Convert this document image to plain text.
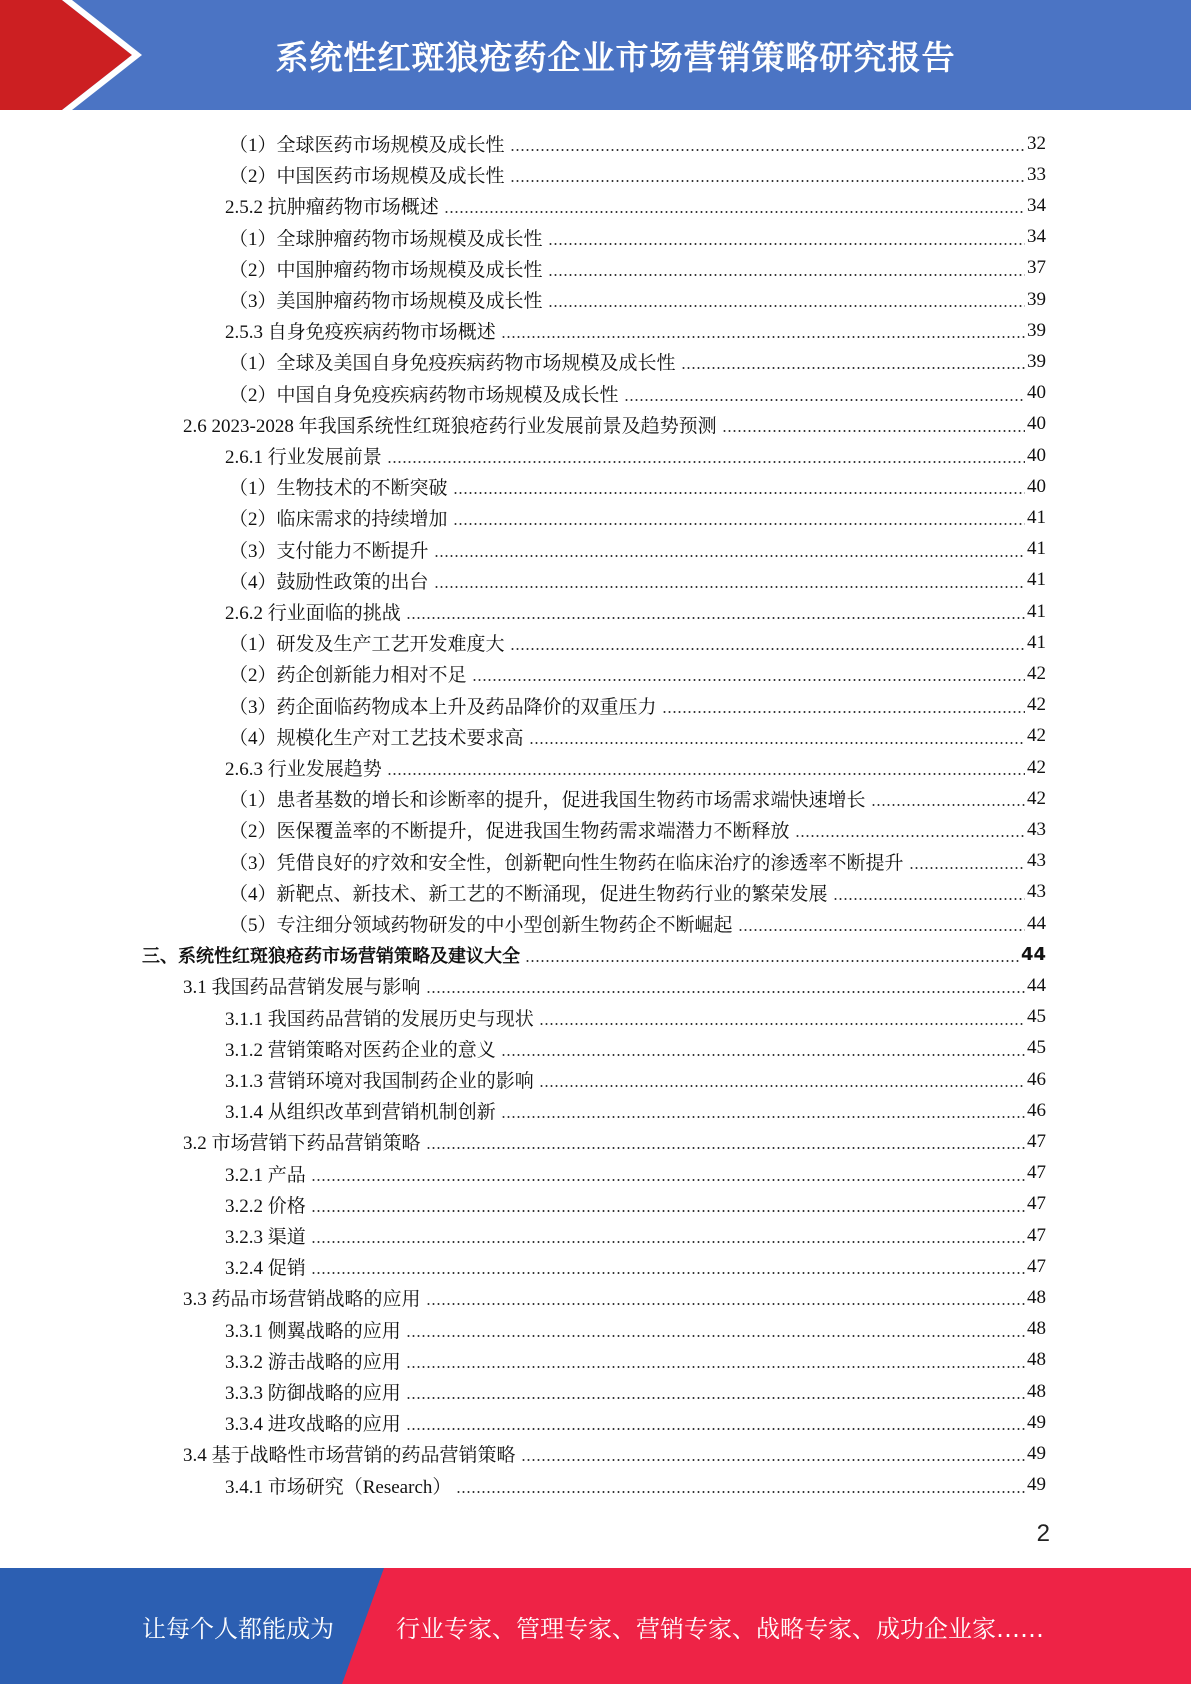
系统性红斑狼疮药企业市场营销策略研究报告
（1）全球医药市场规模及成长性	32
（2）中国医药市场规模及成长性	33
2.5.2 抗肿瘤药物市场概述	34
（1）全球肿瘤药物市场规模及成长性	34
（2）中国肿瘤药物市场规模及成长性	37
（3）美国肿瘤药物市场规模及成长性	39
2.5.3 自身免疫疾病药物市场概述	39
（1）全球及美国自身免疫疾病药物市场规模及成长性	39
（2）中国自身免疫疾病药物市场规模及成长性	40
2.6 2023-2028 年我国系统性红斑狼疮药行业发展前景及趋势预测	40
2.6.1 行业发展前景	40
（1）生物技术的不断突破	40
（2）临床需求的持续增加	41
（3）支付能力不断提升	41
（4）鼓励性政策的出台	41
2.6.2 行业面临的挑战	41
（1）研发及生产工艺开发难度大	41
（2）药企创新能力相对不足	42
（3）药企面临药物成本上升及药品降价的双重压力	42
（4）规模化生产对工艺技术要求高	42
2.6.3 行业发展趋势	42
（1）患者基数的增长和诊断率的提升，促进我国生物药市场需求端快速增长	42
（2）医保覆盖率的不断提升，促进我国生物药需求端潜力不断释放	43
（3）凭借良好的疗效和安全性，创新靶向性生物药在临床治疗的渗透率不断提升	43
（4）新靶点、新技术、新工艺的不断涌现，促进生物药行业的繁荣发展	43
（5）专注细分领域药物研发的中小型创新生物药企不断崛起	44
三、系统性红斑狼疮药市场营销策略及建议大全	44
3.1 我国药品营销发展与影响	44
3.1.1 我国药品营销的发展历史与现状	45
3.1.2 营销策略对医药企业的意义	45
3.1.3 营销环境对我国制药企业的影响	46
3.1.4 从组织改革到营销机制创新	46
3.2 市场营销下药品营销策略	47
3.2.1 产品	47
3.2.2 价格	47
3.2.3 渠道	47
3.2.4 促销	47
3.3 药品市场营销战略的应用	48
3.3.1 侧翼战略的应用	48
3.3.2 游击战略的应用	48
3.3.3 防御战略的应用	48
3.3.4 进攻战略的应用	49
3.4 基于战略性市场营销的药品营销策略	49
3.4.1 市场研究（Research）	49
2
让每个人都能成为	行业专家、管理专家、营销专家、战略专家、成功企业家……
